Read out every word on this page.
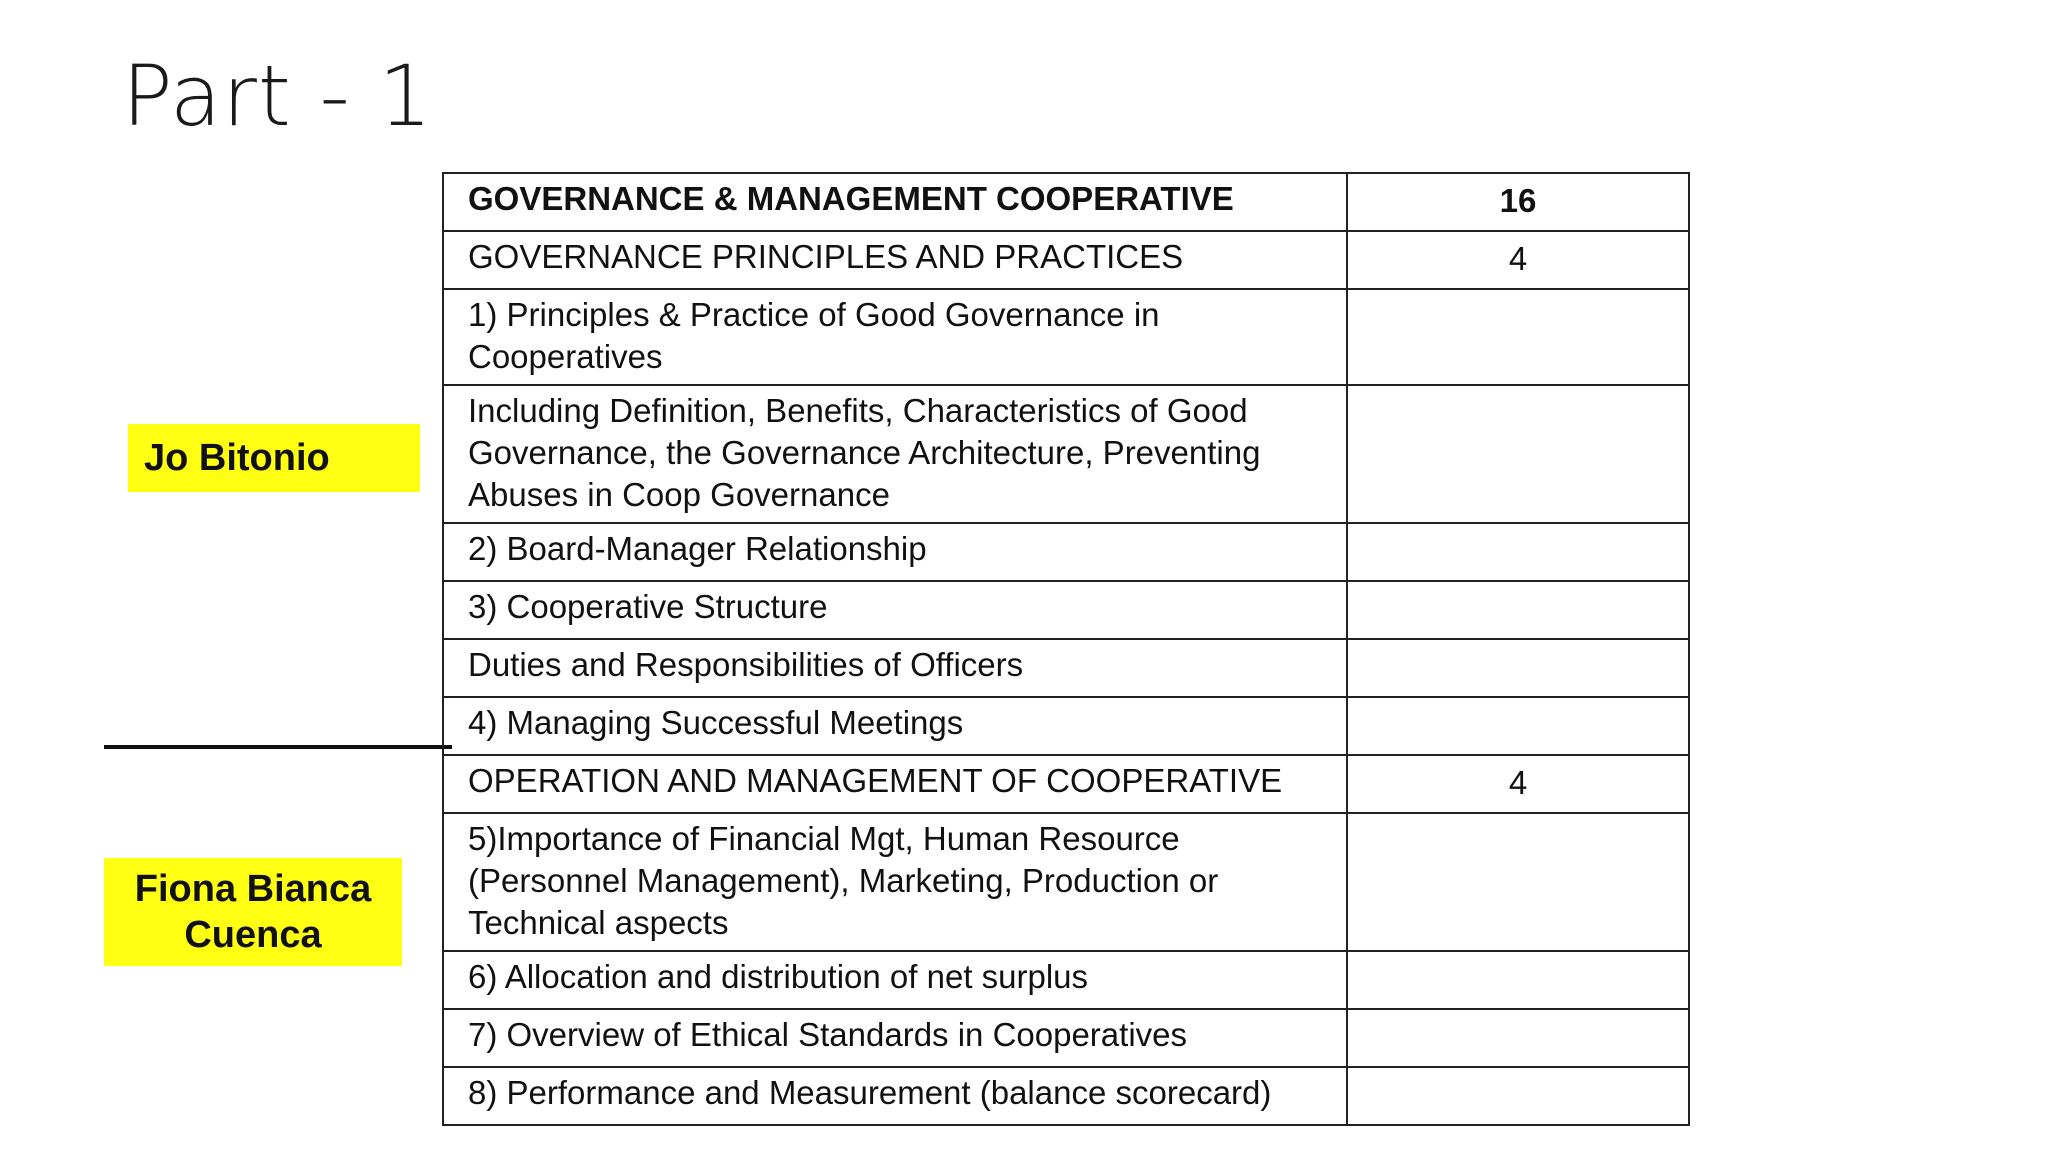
Part - 1
Jo Bitonio
Fiona Bianca
Cuenca
GOVERNANCE & MANAGEMENT COOPERATIVE	16
GOVERNANCE PRINCIPLES AND PRACTICES	4
1) Principles & Practice of Good Governance in Cooperatives	
Including Definition, Benefits, Characteristics of Good Governance, the Governance Architecture, Preventing Abuses in Coop Governance	
2) Board-Manager Relationship	
3) Cooperative Structure	
Duties and Responsibilities of Officers	
4) Managing Successful Meetings	
OPERATION AND MANAGEMENT OF COOPERATIVE	4
5)Importance of Financial Mgt, Human Resource (Personnel Management), Marketing, Production or Technical aspects	
6) Allocation and distribution of net surplus	
7) Overview of Ethical Standards in Cooperatives	
8) Performance and Measurement (balance scorecard)	
